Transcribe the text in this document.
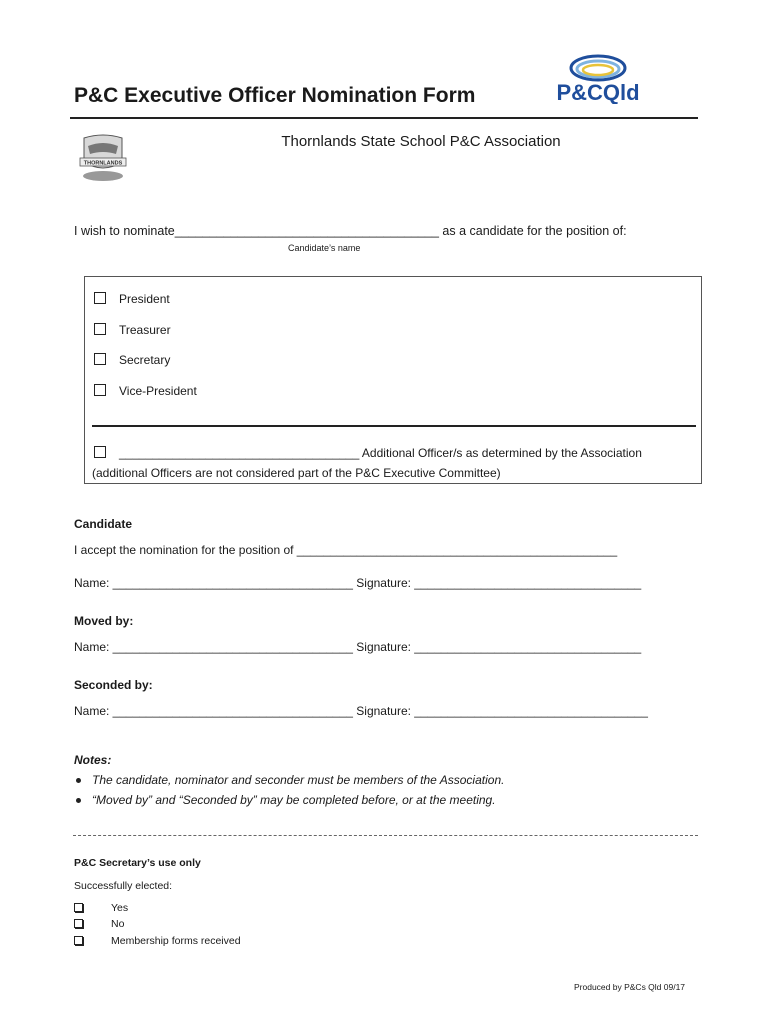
P&C Executive Officer Nomination Form	P&CQld
THORNLANDS
Thornlands State School P&C Association
I wish to nominate______________________________________ as a candidate for the position of:
Candidate’s name
President
Treasurer
Secretary
Vice-President
____________________________________ Additional Officer/s as determined by the Association
(additional Officers are not considered part of the P&C Executive Committee)
Candidate
I accept the nomination for the position of ________________________________________________
Name: ____________________________________ Signature: __________________________________
Moved by:
Name: ____________________________________ Signature: __________________________________
Seconded by:
Name: ____________________________________ Signature: ___________________________________
Notes:
The candidate, nominator and seconder must be members of the Association.
“Moved by” and “Seconded by” may be completed before, or at the meeting.
P&C Secretary’s use only
Successfully elected:
Yes
No
Membership forms received
Produced by P&Cs Qld 09/17
